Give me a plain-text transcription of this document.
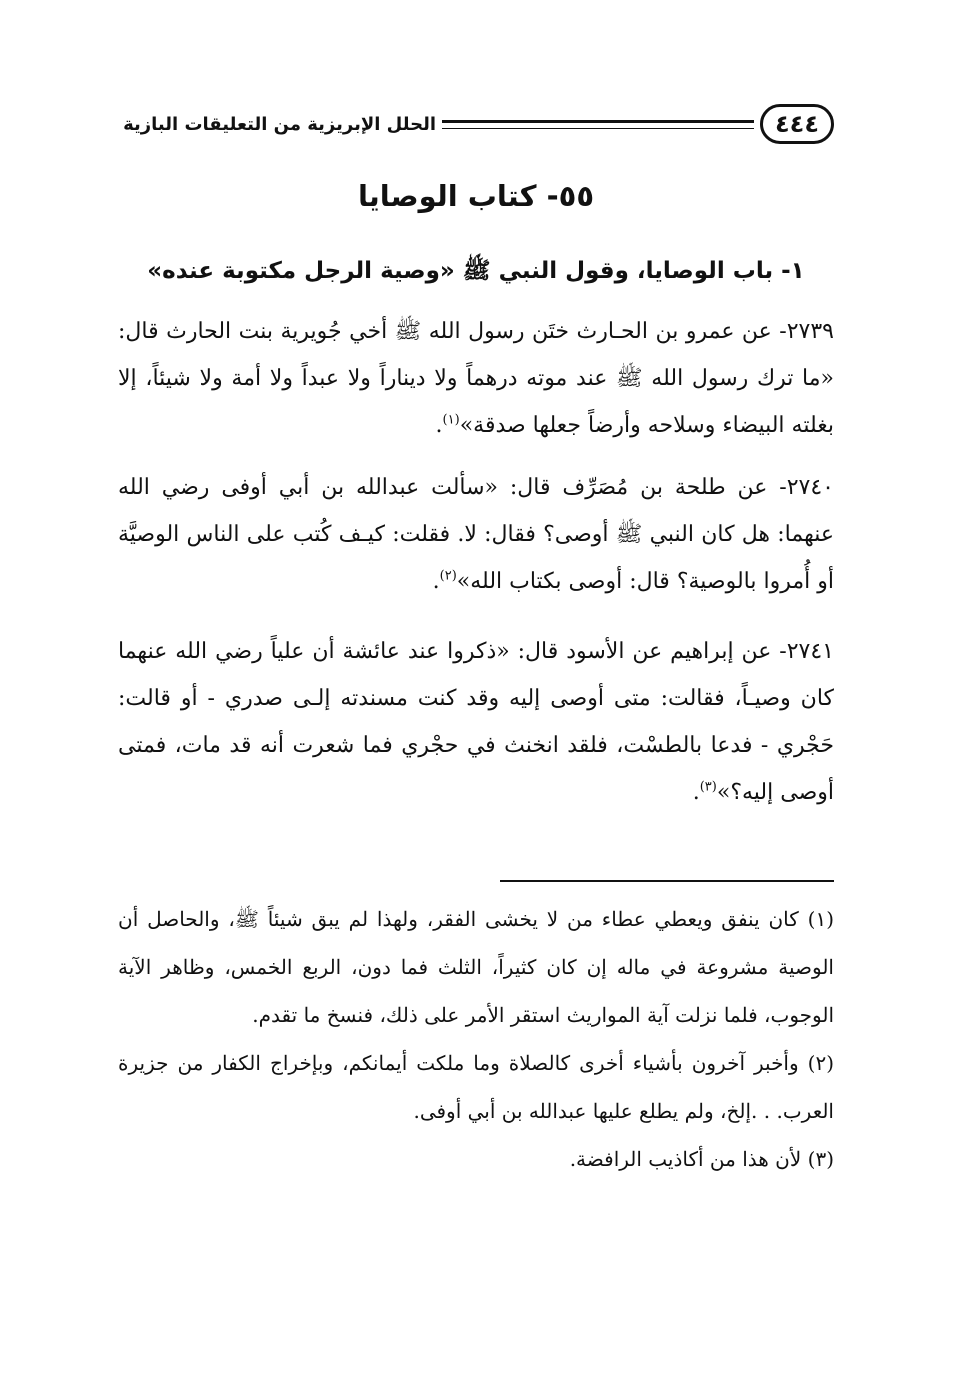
٤٤٤
الحلل الإبريزية من التعليقات البازية
٥٥- كتاب الوصايا
١- باب الوصايا، وقول النبي ﷺ «وصية الرجل مكتوبة عنده»

٢٧٣٩- عن عمرو بن الحـارث ختَن رسول الله ﷺ أخي جُويرية بنت الحارث قال: «ما ترك رسول الله ﷺ عند موته درهماً ولا ديناراً ولا عبداً ولا أمة ولا شيئاً، إلا بغلته البيضاء وسلاحه وأرضاً جعلها صدقة»$^{(١)}$.

٢٧٤٠- عن طلحة بن مُصَرِّف قال: «سألت عبدالله بن أبي أوفى رضي الله عنهما: هل كان النبي ﷺ أوصى؟ فقال: لا. فقلت: كيـف كُتب على الناس الوصيَّة أو أُمروا بالوصية؟ قال: أوصى بكتاب الله»$^{(٢)}$.

٢٧٤١- عن إبراهيم عن الأسود قال: «ذكروا عند عائشة أن علياً رضي الله عنهما كان وصيـاً، فقالت: متى أوصى إليه وقد كنت مسندته إلـى صدري - أو قالت: حَجْري - فدعا بالطسْت، فلقد انخنث في حجْري فما شعرت أنه قد مات، فمتى أوصى إليه؟»$^{(٣)}$.

(١) كان ينفق ويعطي عطاء من لا يخشى الفقر، ولهذا لم يبق شيئاً ﷺ، والحاصل أن الوصية مشروعة في ماله إن كان كثيراً، الثلث فما دون، الربع الخمس، وظاهر الآية الوجوب، فلما نزلت آية المواريث استقر الأمر على ذلك، فنسخ ما تقدم.

(٢) وأخبر آخرون بأشياء أخرى كالصلاة وما ملكت أيمانكم، وبإخراج الكفار من جزيرة العرب. . .إلخ، ولم يطلع عليها عبدالله بن أبي أوفى.

(٣) لأن هذا من أكاذيب الرافضة.
